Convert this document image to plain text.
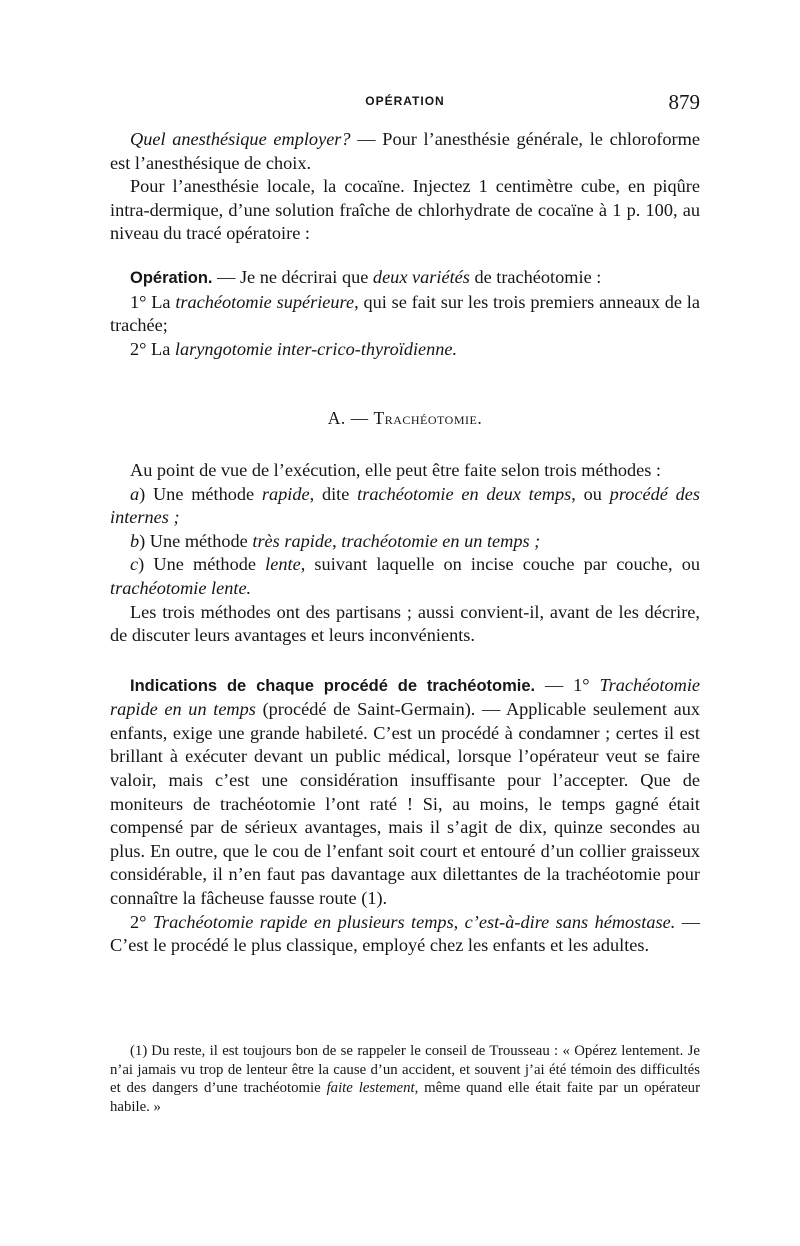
OPÉRATION	879

Quel anesthésique employer? — Pour l’anesthésie générale, le chloroforme est l’anesthésique de choix.

Pour l’anesthésie locale, la cocaïne. Injectez 1 centimètre cube, en piqûre intra-dermique, d’une solution fraîche de chlorhydrate de cocaïne à 1 p. 100, au niveau du tracé opératoire :

Opération. — Je ne décrirai que deux variétés de trachéotomie :

1° La trachéotomie supérieure, qui se fait sur les trois premiers anneaux de la trachée;

2° La laryngotomie inter-crico-thyroïdienne.

A. — Trachéotomie.

Au point de vue de l’exécution, elle peut être faite selon trois méthodes :

a) Une méthode rapide, dite trachéotomie en deux temps, ou procédé des internes ;

b) Une méthode très rapide, trachéotomie en un temps ;

c) Une méthode lente, suivant laquelle on incise couche par couche, ou trachéotomie lente.

Les trois méthodes ont des partisans ; aussi convient-il, avant de les décrire, de discuter leurs avantages et leurs inconvénients.

Indications de chaque procédé de trachéotomie. — 1° Trachéotomie rapide en un temps (procédé de Saint-Germain). — Applicable seulement aux enfants, exige une grande habileté. C’est un procédé à condamner ; certes il est brillant à exécuter devant un public médical, lorsque l’opérateur veut se faire valoir, mais c’est une considération insuffisante pour l’accepter. Que de moniteurs de trachéotomie l’ont raté ! Si, au moins, le temps gagné était compensé par de sérieux avantages, mais il s’agit de dix, quinze secondes au plus. En outre, que le cou de l’enfant soit court et entouré d’un collier graisseux considérable, il n’en faut pas davantage aux dilettantes de la trachéotomie pour connaître la fâcheuse fausse route (1).

2° Trachéotomie rapide en plusieurs temps, c’est-à-dire sans hémostase. — C’est le procédé le plus classique, employé chez les enfants et les adultes.

(1) Du reste, il est toujours bon de se rappeler le conseil de Trousseau : « Opérez lentement. Je n’ai jamais vu trop de lenteur être la cause d’un accident, et souvent j’ai été témoin des difficultés et des dangers d’une trachéotomie faite lestement, même quand elle était faite par un opérateur habile. »
